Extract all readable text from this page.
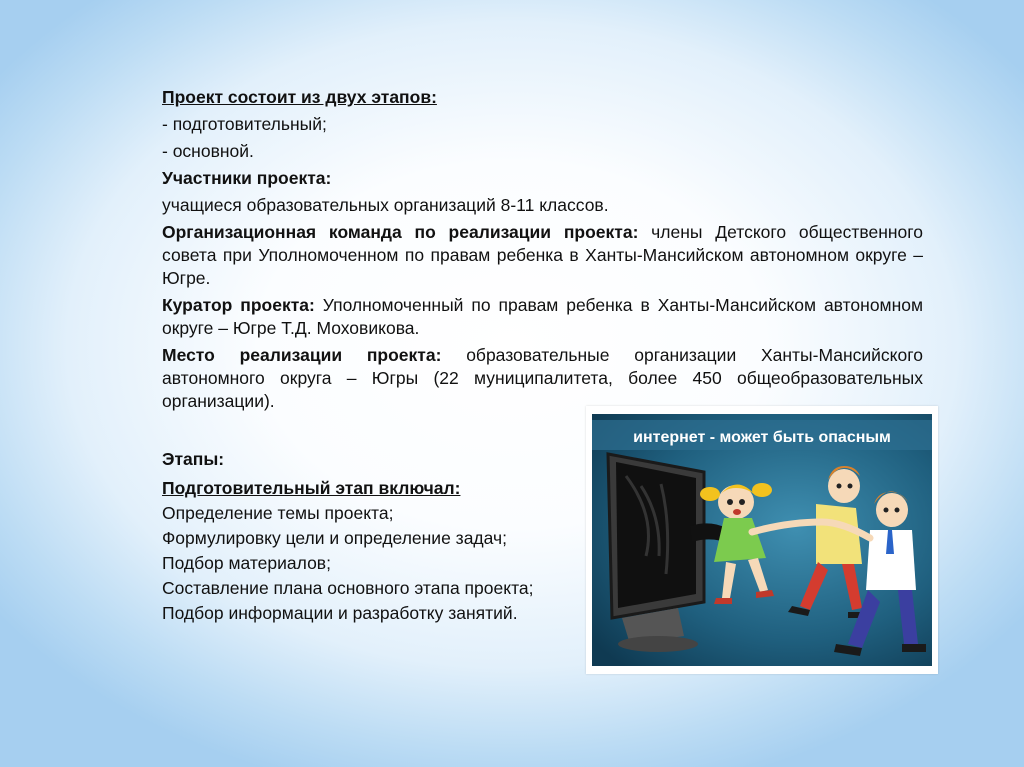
Проект состоит из двух этапов:

- подготовительный;

- основной.

Участники проекта:

учащиеся образовательных организаций 8-11 классов.

Организационная команда по реализации проекта: члены Детского общественного совета при Уполномоченном по правам ребенка в Ханты-Мансийском автономном округе – Югре.

Куратор проекта: Уполномоченный по правам ребенка в Ханты-Мансийском автономном округе – Югре Т.Д. Моховикова.

Место реализации проекта: образовательные организации Ханты-Мансийского автономного округа – Югры (22 муниципалитета, более 450 общеобразовательных организации).

Этапы:

Подготовительный этап включал:

Определение темы проекта;

Формулировку цели и определение задач;

Подбор материалов;

Составление плана основного этапа проекта;

Подбор информации и разработку занятий.

интернет - может быть опасным
